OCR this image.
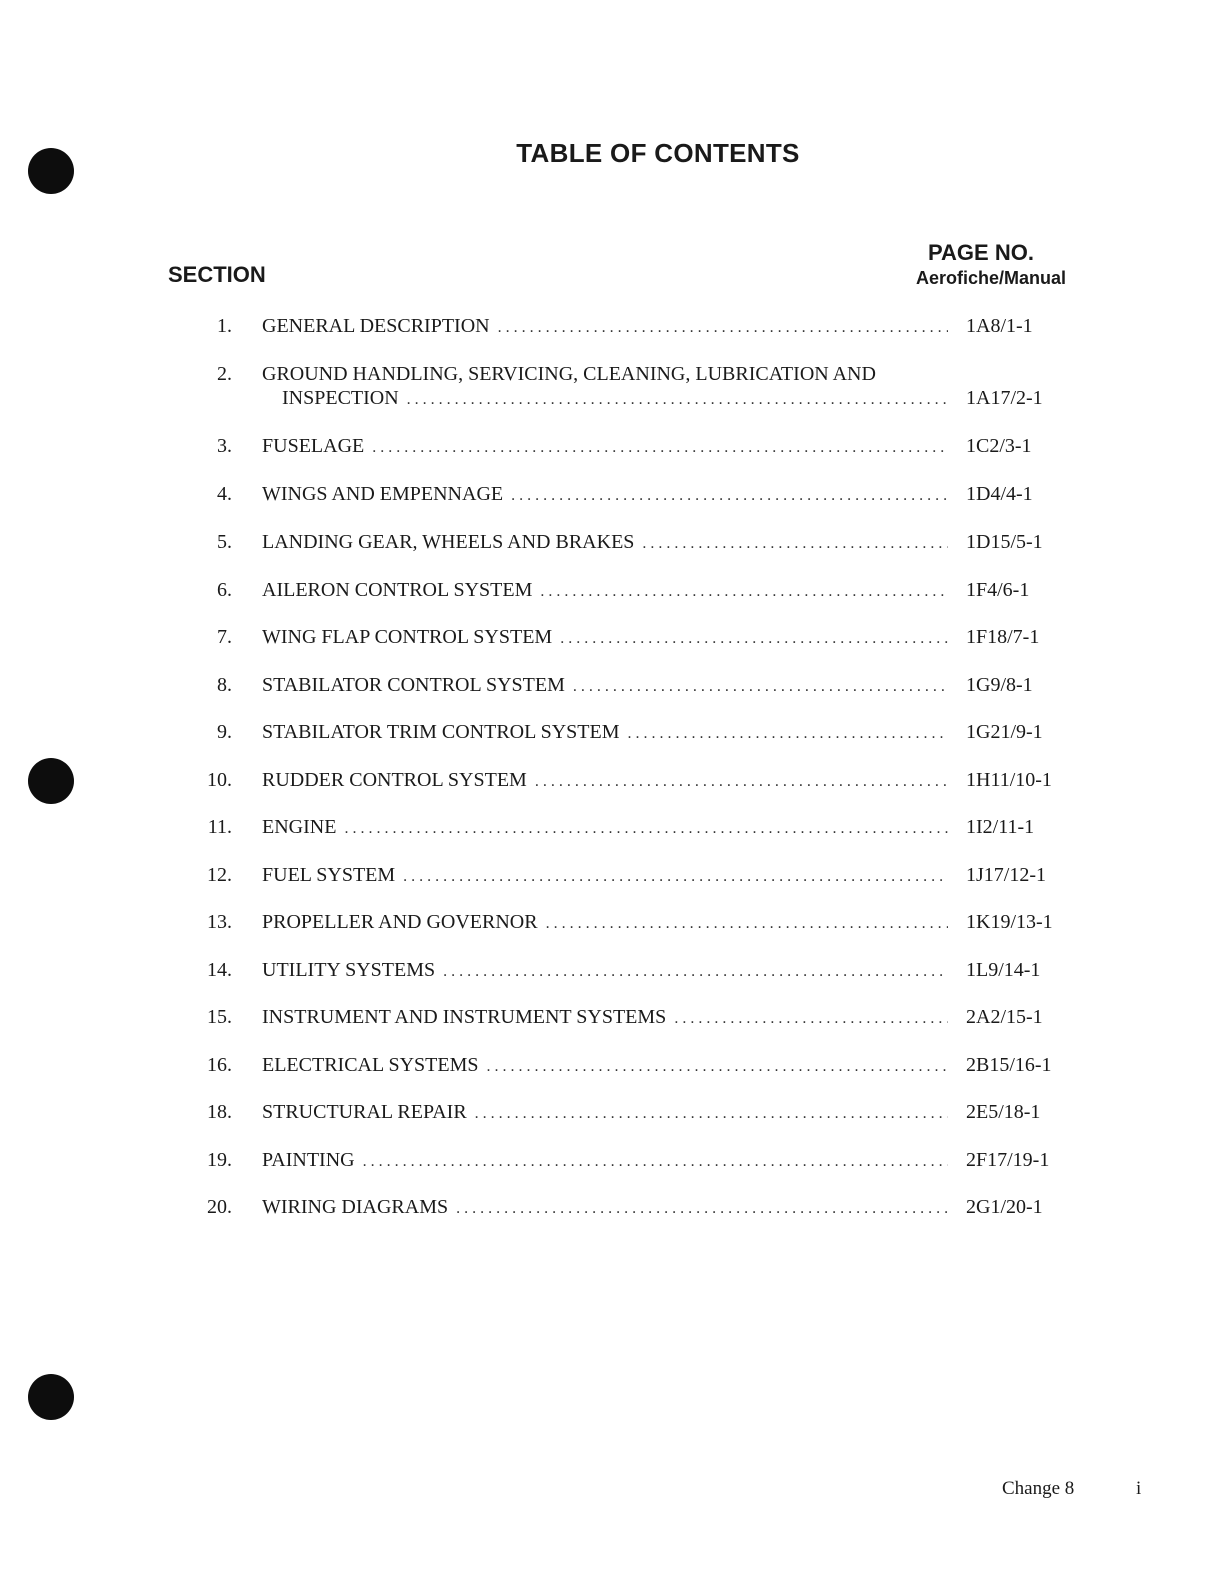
TABLE OF CONTENTS
SECTION
PAGE NO.
Aerofiche/Manual
1. GENERAL DESCRIPTION .....	1A8/1-1
2. GROUND HANDLING, SERVICING, CLEANING, LUBRICATION AND
INSPECTION .....	1A17/2-1
3. FUSELAGE .....	1C2/3-1
4. WINGS AND EMPENNAGE .....	1D4/4-1
5. LANDING GEAR, WHEELS AND BRAKES .....	1D15/5-1
6. AILERON CONTROL SYSTEM .....	1F4/6-1
7. WING FLAP CONTROL SYSTEM .....	1F18/7-1
8. STABILATOR CONTROL SYSTEM .....	1G9/8-1
9. STABILATOR TRIM CONTROL SYSTEM .....	1G21/9-1
10. RUDDER CONTROL SYSTEM .....	1H11/10-1
11. ENGINE .....	1I2/11-1
12. FUEL SYSTEM .....	1J17/12-1
13. PROPELLER AND GOVERNOR .....	1K19/13-1
14. UTILITY SYSTEMS .....	1L9/14-1
15. INSTRUMENT AND INSTRUMENT SYSTEMS .....	2A2/15-1
16. ELECTRICAL SYSTEMS .....	2B15/16-1
18. STRUCTURAL REPAIR .....	2E5/18-1
19. PAINTING .....	2F17/19-1
20. WIRING DIAGRAMS .....	2G1/20-1
Change 8	i
